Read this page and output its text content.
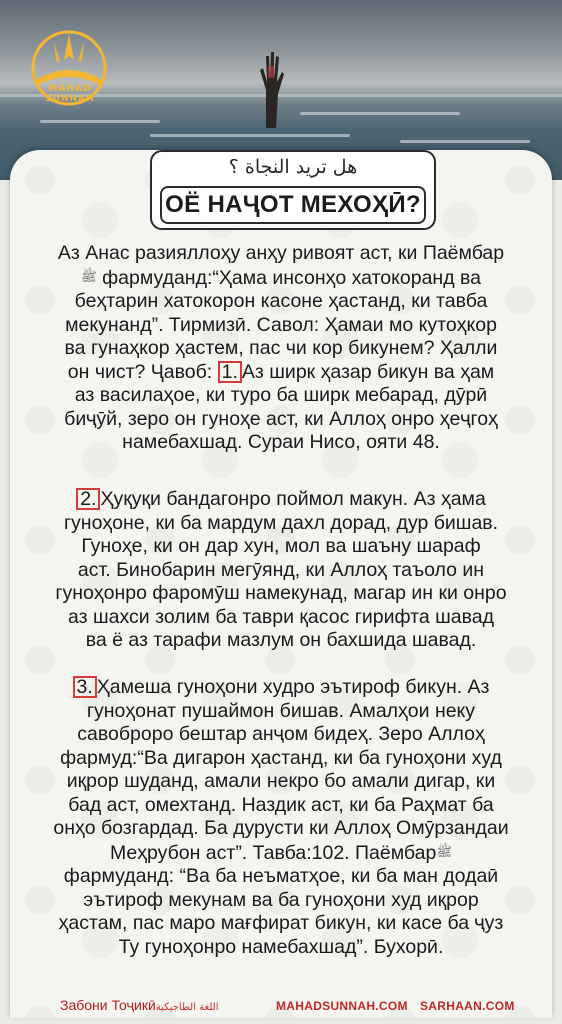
MAHAD SUNNAH
هل تريد النجاة ؟
ОЁ НАҶОТ МЕХОҲӢ?

Аз Анас разияллоҳу анҳу ривоят аст, ки Паёмбар
ﷺ фармуданд:“Ҳама инсонҳо хатокоранд ва
беҳтарин хатокорон касоне ҳастанд, ки тавба
мекунанд”. Тирмизӣ. Савол: Ҳамаи мо кутоҳкор
ва гунаҳкор ҳастем, пас чи кор бикунем? Ҳалли
он чист? Ҷавоб: 1. Аз ширк ҳазар бикун ва ҳам
аз василаҳое, ки туро ба ширк мебарад, дӯрӣ
биҷӯй, зеро он гуноҳе аст, ки Аллоҳ онро ҳеҷгоҳ
намебахшад. Сураи Нисо, ояти 48.

2. Ҳуқуқи бандагонро поймол макун. Аз ҳама
гуноҳоне, ки ба мардум дахл дорад, дур бишав.
Гуноҳе, ки он дар хун, мол ва шаъну шараф
аст. Бинобарин мегӯянд, ки Аллоҳ таъоло ин
гуноҳонро фаромӯш намекунад, магар ин ки онро
аз шахси золим ба таври қасос гирифта шавад
ва ё аз тарафи мазлум он бахшида шавад.

3. Ҳамеша гуноҳони худро эътироф бикун. Аз
гуноҳонат пушаймон бишав. Амалҳои неку
савоброро бештар анҷом бидеҳ. Зеро Аллоҳ
фармуд:“Ва дигарон ҳастанд, ки ба гуноҳони худ
иқрор шуданд, амали некро бо амали дигар, ки
бад аст, омехтанд. Наздик аст, ки ба Раҳмат ба
онҳо бозгардад. Ба дурусти ки Аллоҳ Омӯрзандаи
Меҳрубон аст”. Тавба:102. Паёмбарﷺ
фармуданд: “Ва ба неъматҳое, ки ба ман додаӣ
эътироф мекунам ва ба гуноҳони худ иқрор
ҳастам, пас маро мағфират бикун, ки касе ба ҷуз
Ту гуноҳонро намебахшад”. Бухорӣ.

Забони Тоҷикӣاللغة الطاجيكية	MAHADSUNNAH.COM SARHAAN.COM
